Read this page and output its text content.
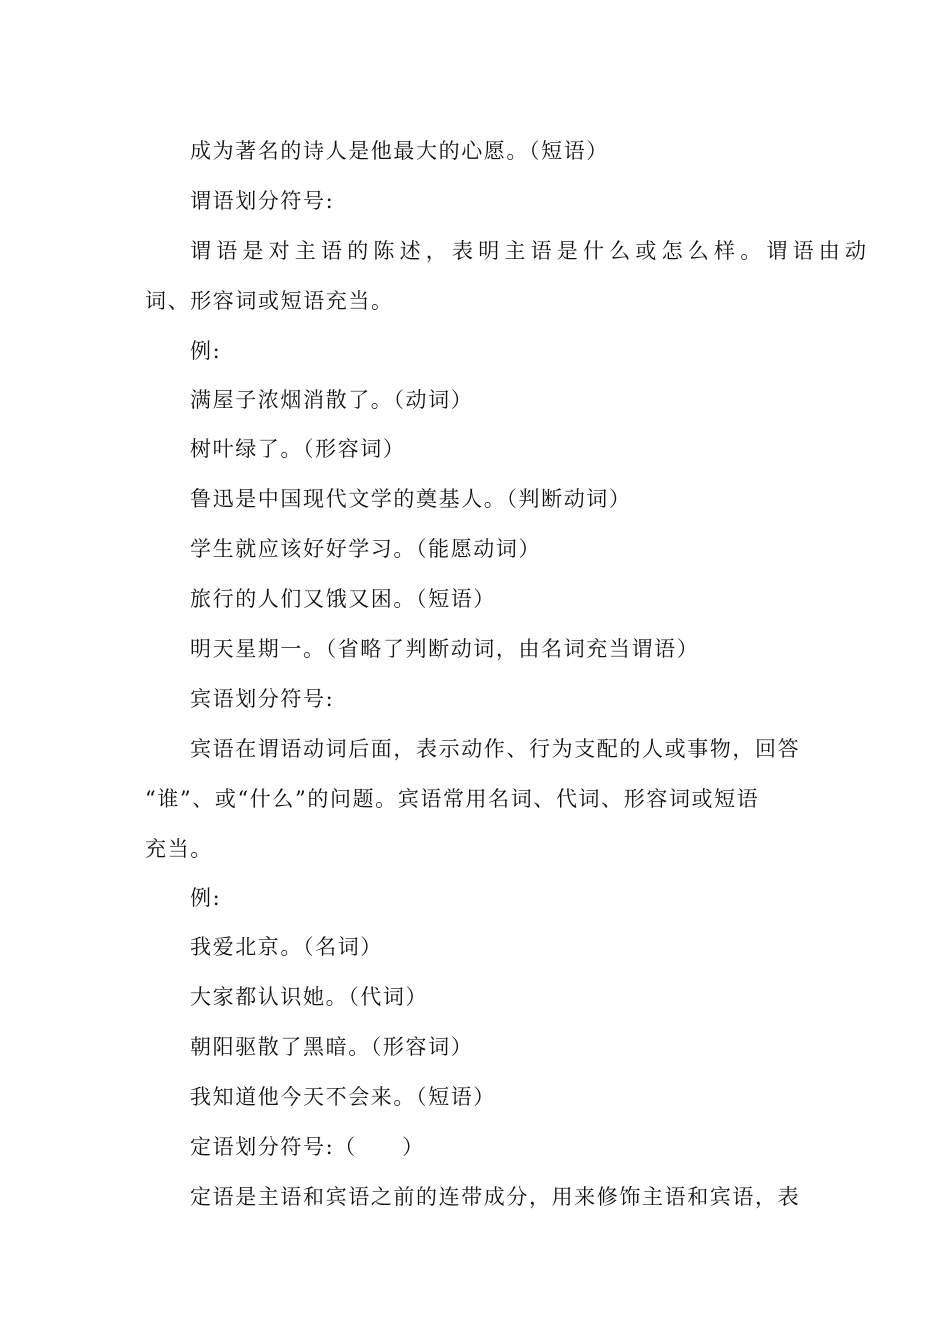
成为著名的诗人是他最大的心愿。（短语）
谓语划分符号:
谓语是对主语的陈述，表明主语是什么或怎么样。谓语由动
词、形容词或短语充当。
例:
满屋子浓烟消散了。（动词）
树叶绿了。（形容词）
鲁迅是中国现代文学的奠基人。（判断动词）
学生就应该好好学习。（能愿动词）
旅行的人们又饿又困。（短语）
明天星期一。（省略了判断动词，由名词充当谓语）
宾语划分符号:
宾语在谓语动词后面，表示动作、行为支配的人或事物，回答
“谁”、或“什么”的问题。宾语常用名词、代词、形容词或短语
充当。
例:
我爱北京。（名词）
大家都认识她。（代词）
朝阳驱散了黑暗。（形容词）
我知道他今天不会来。（短语）
定语划分符号:（　　）
定语是主语和宾语之前的连带成分，用来修饰主语和宾语，表
